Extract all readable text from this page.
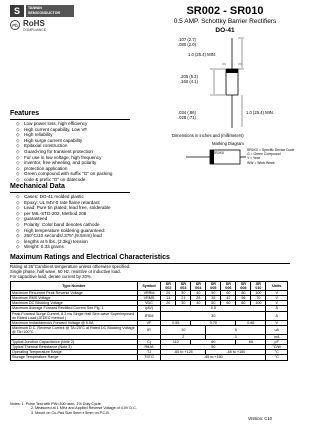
S	TAIWAN
SEMICONDUCTOR
Pb RoHS
COMPLIANCE
SR002 - SR010
0.5 AMP. Schottky Barrier Rectifiers
DO-41
1.0 (25.4) MIN.
.107 (2.7)
.080 (2.0)
.205 (5.2)
.160 (4.1)
.034 (.86)
.028 (.71)
1.0 (25.4) MIN.
Dimensions in inches and (millimeters)
Marking Diagram
SR0XX
SR0XX = Specific Device Code
G = Green Compound
Y = Year
WW = Work Week
Features
◇ Low power loss, high efficiency
◇ High current capability, Low VF
◇ High reliability
◇ High surge current capability
◇ Epitaxial construction
◇ Guard-ring for transient protection
◇ For use in low voltage, high frequency
◇ inventor, free wheeling, and polarity
◇ protection application
◇ Green compound with suffix "G" on packing
◇ code & prefix "G" on datecode.
Mechanical Data
◇ Cases: DO-41 molded plastic
◇ Epoxy: UL 94V-0 rate flame retardant
◇ Lead: Pure tin plated, lead free, solderable
◇ per MIL-STD-202, Method 208
◇ guaranteed
◇ Polarity: Color band denotes cathode
◇ High temperature soldering guaranteed:
◇ 260°C/10 seconds/.375",(9.5mm) lead
◇ lengths at 5 lbs.,(2.3kg) tension
◇ Weight: 0.33 grams
Maximum Ratings and Electrical Characteristics
Rating at 25°Cambient temperature unless otherwise specified.
Single phase, half wave, 60 Hz, resistive or inductive load.
For capacitive load, derate current by 20%.
Type Number	Symbol	SR 002	SR 003	SR 004	SR 005	SR 006	SR 008	SR 010	Units
Maximum Recurrent Peak Reverse Voltage	VRRM	20	30	40	50	60	80	100	V
Maximum RMS Voltage	VRMS	14	21	28	35	42	56	70	V
Maximum DC Blocking Voltage	VDC	20	30	40	50	60	80	100	V
Maximum Average Forward Rectified Current See Fig. 1	I(AV)	0.5							A
Peak Forward Surge Current, 8.3 ms Single Half Sine-wave Superimposed on Rated Load (JEDEC method )	IFSM	30							A
Maximum Instantaneous Forward Voltage @ 0.5A	VF	0.55		0.70			0.85		V
Maximum D.C. Reverse Current @ TA=25°C at Rated DC Blocking Voltage @ TA=100°C	IR	10			5				uA
		2			1				mA
Typical Junction Capacitance (Note 2)	Cj	110		60			65		pF
Typical Thermal Resistance (Note 3)	RθJA	50							°C/W
Operating Temperature Range	TJ	-65 to +125			-65 to +150				°C
Storage Temperature Range	TSTG	-65 to +150							°C
Notes: 1. Pulse Test with PW=300 usec, 1% Duty Cycle
2. Measured at 1 MHz and Applied Reverse Voltage of 4.0V D.C.
3. Mount on Cu-Pad Size 5mm x 5mm on P.C.B.
Version: C10
